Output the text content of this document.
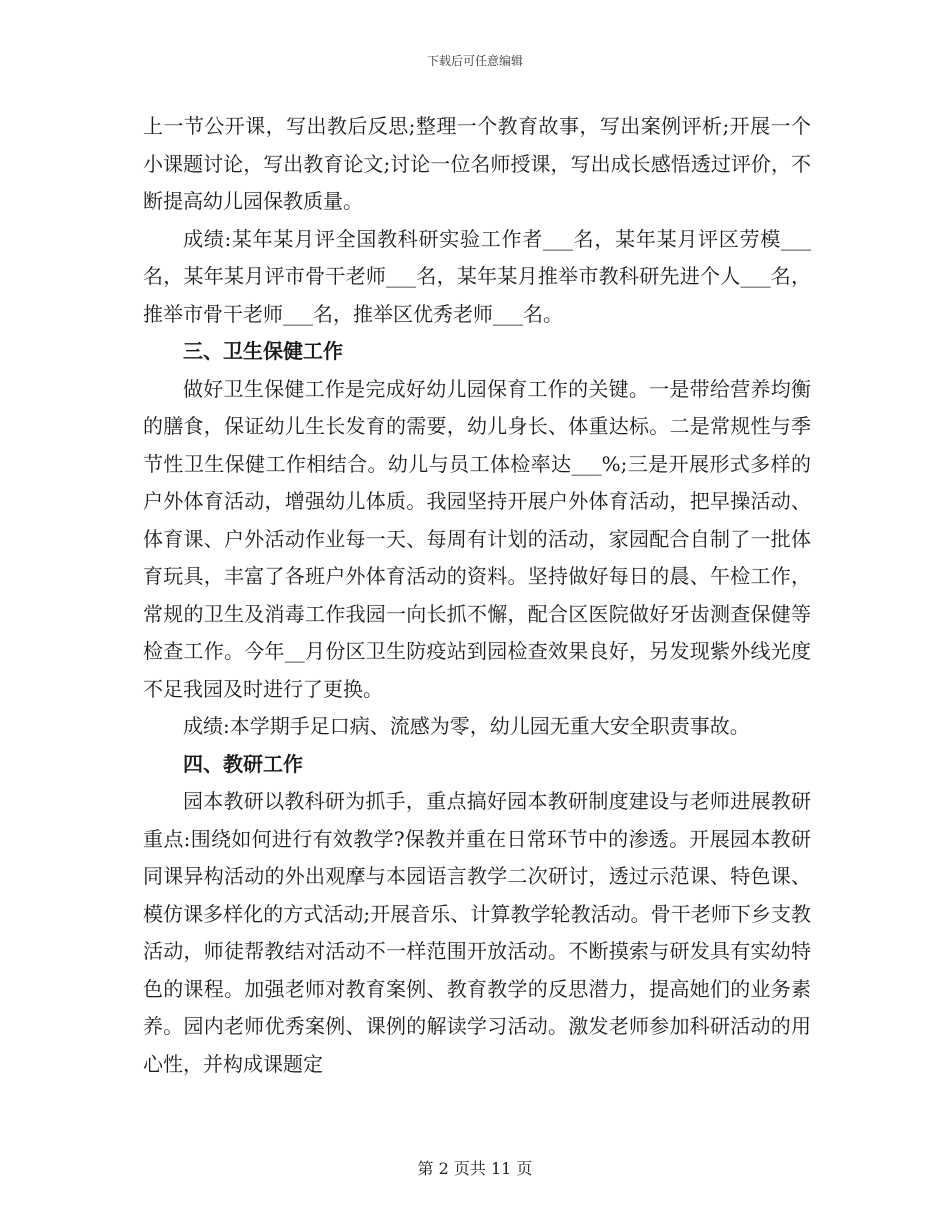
下载后可任意编辑

上一节公开课，写出教后反思;整理一个教育故事，写出案例评析;开展一个小课题讨论，写出教育论文;讨论一位名师授课，写出成长感悟透过评价，不断提高幼儿园保教质量。

成绩:某年某月评全国教科研实验工作者___名，某年某月评区劳模___名，某年某月评市骨干老师___名，某年某月推举市教科研先进个人___名，推举市骨干老师___名，推举区优秀老师___名。

三、卫生保健工作

做好卫生保健工作是完成好幼儿园保育工作的关键。一是带给营养均衡的膳食，保证幼儿生长发育的需要，幼儿身长、体重达标。二是常规性与季节性卫生保健工作相结合。幼儿与员工体检率达___%;三是开展形式多样的户外体育活动，增强幼儿体质。我园坚持开展户外体育活动，把早操活动、体育课、户外活动作业每一天、每周有计划的活动，家园配合自制了一批体育玩具，丰富了各班户外体育活动的资料。坚持做好每日的晨、午检工作，常规的卫生及消毒工作我园一向长抓不懈，配合区医院做好牙齿测查保健等检查工作。今年__月份区卫生防疫站到园检查效果良好，另发现紫外线光度不足我园及时进行了更换。

成绩:本学期手足口病、流感为零，幼儿园无重大安全职责事故。

四、教研工作

园本教研以教科研为抓手，重点搞好园本教研制度建设与老师进展教研重点:围绕如何进行有效教学?保教并重在日常环节中的渗透。开展园本教研同课异构活动的外出观摩与本园语言教学二次研讨，透过示范课、特色课、模仿课多样化的方式活动;开展音乐、计算教学轮教活动。骨干老师下乡支教活动，师徒帮教结对活动不一样范围开放活动。不断摸索与研发具有实幼特色的课程。加强老师对教育案例、教育教学的反思潜力，提高她们的业务素养。园内老师优秀案例、课例的解读学习活动。激发老师参加科研活动的用心性，并构成课题定

第 2 页共 11 页
